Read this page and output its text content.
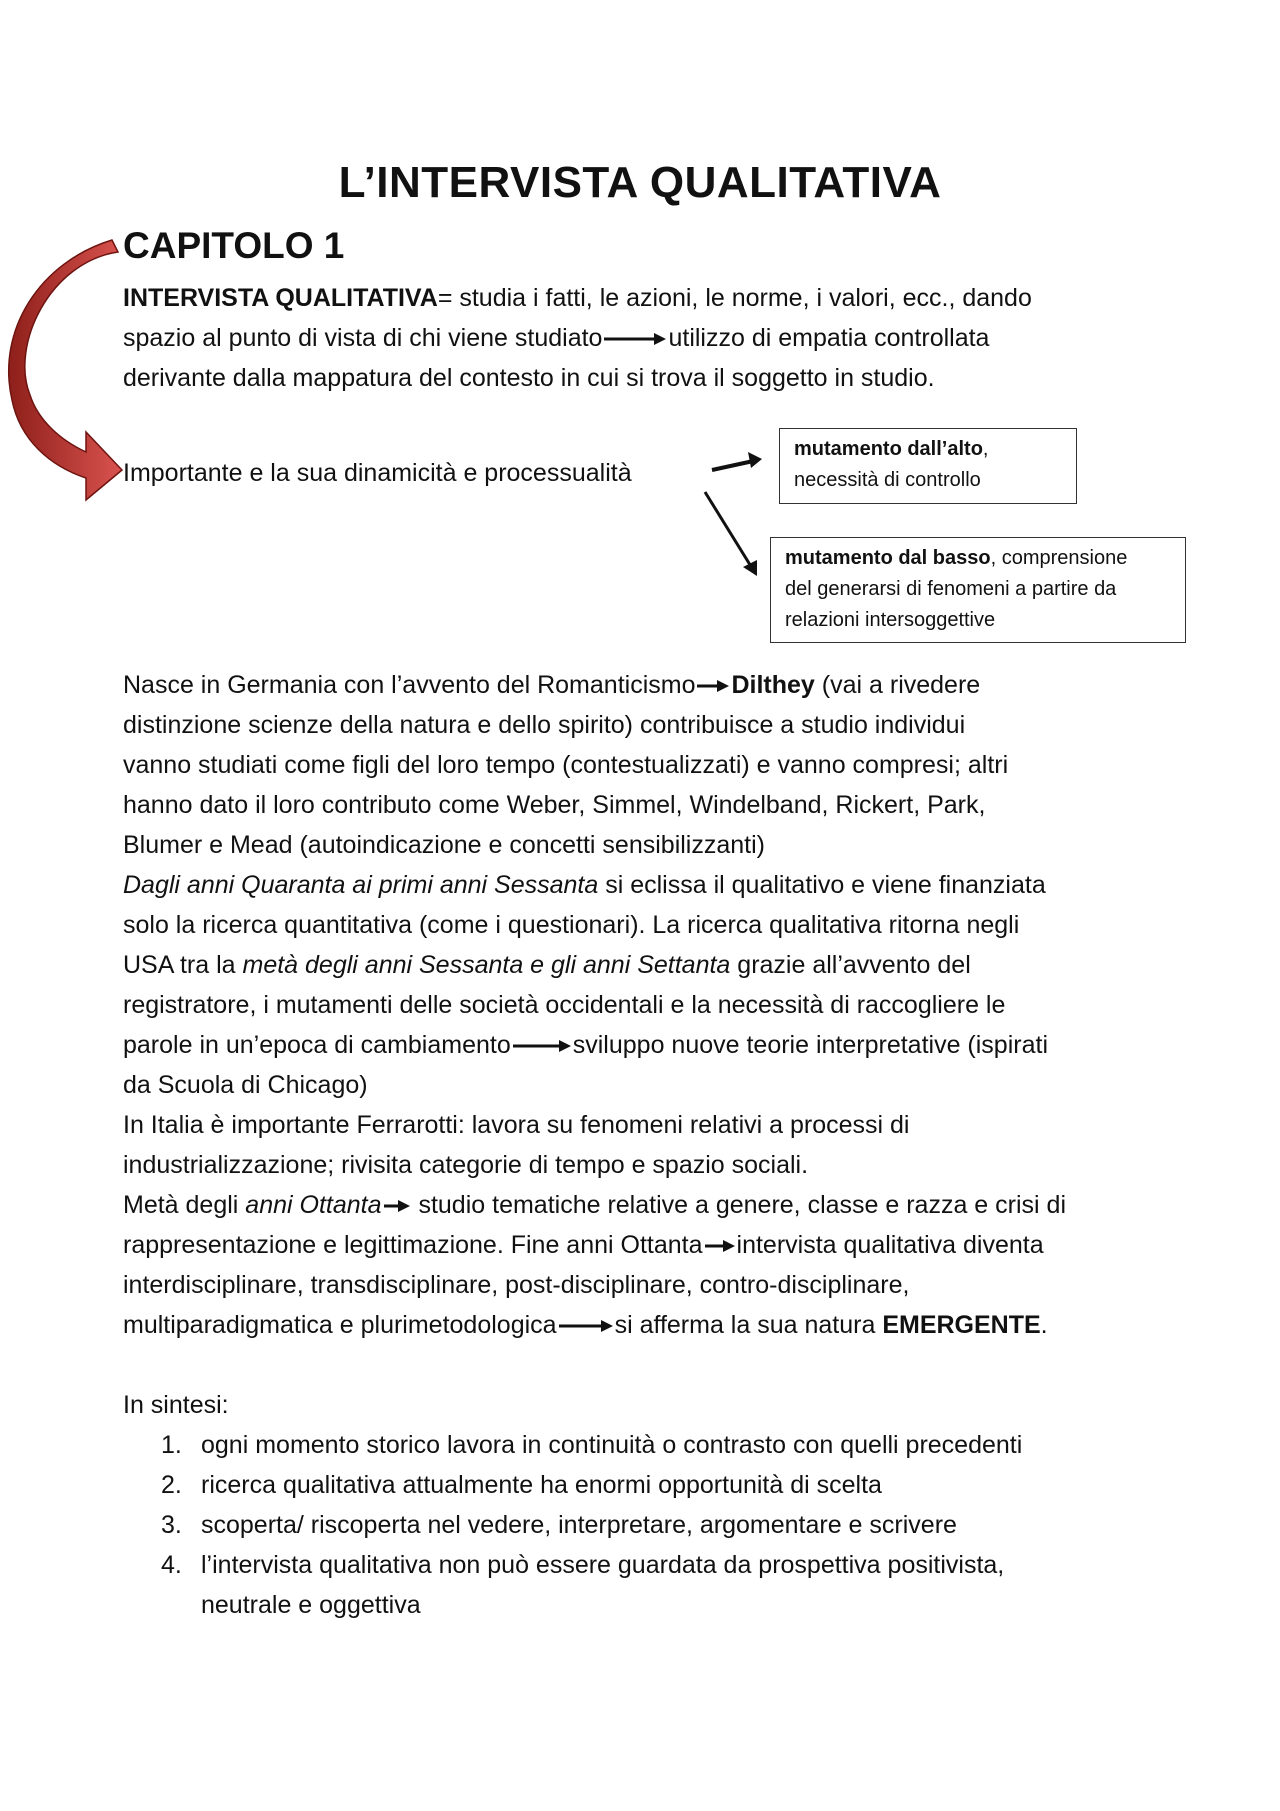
L’INTERVISTA QUALITATIVA
CAPITOLO 1
INTERVISTA QUALITATIVA= studia i fatti, le azioni, le norme, i valori, ecc., dando
spazio al punto di vista di chi viene studiato	utilizzo di empatia controllata
derivante dalla mappatura del contesto in cui si trova il soggetto in studio.
Importante e la sua dinamicità e processualità
mutamento dall’alto,
necessità di controllo
mutamento dal basso, comprensione
del generarsi di fenomeni a partire da
relazioni intersoggettive
Nasce in Germania con l’avvento del Romanticismo Dilthey (vai a rivedere
distinzione scienze della natura e dello spirito) contribuisce a studio individui
vanno studiati come figli del loro tempo (contestualizzati) e vanno compresi; altri
hanno dato il loro contributo come Weber, Simmel, Windelband, Rickert, Park,
Blumer e Mead (autoindicazione e concetti sensibilizzanti)
Dagli anni Quaranta ai primi anni Sessanta si eclissa il qualitativo e viene finanziata
solo la ricerca quantitativa (come i questionari). La ricerca qualitativa ritorna negli
USA tra la metà degli anni Sessanta e gli anni Settanta grazie all’avvento del
registratore, i mutamenti delle società occidentali e la necessità di raccogliere le
parole in un’epoca di cambiamento sviluppo nuove teorie interpretative (ispirati
da Scuola di Chicago)
In Italia è importante Ferrarotti: lavora su fenomeni relativi a processi di
industrializzazione; rivisita categorie di tempo e spazio sociali.
Metà degli anni Ottanta studio tematiche relative a genere, classe e razza e crisi di
rappresentazione e legittimazione. Fine anni Ottanta intervista qualitativa diventa
interdisciplinare, transdisciplinare, post-disciplinare, contro-disciplinare,
multiparadigmatica e plurimetodologica si afferma la sua natura EMERGENTE.
In sintesi:
1. ogni momento storico lavora in continuità o contrasto con quelli precedenti
2. ricerca qualitativa attualmente ha enormi opportunità di scelta
3. scoperta/ riscoperta nel vedere, interpretare, argomentare e scrivere
4. l’intervista qualitativa non può essere guardata da prospettiva positivista,
neutrale e oggettiva
